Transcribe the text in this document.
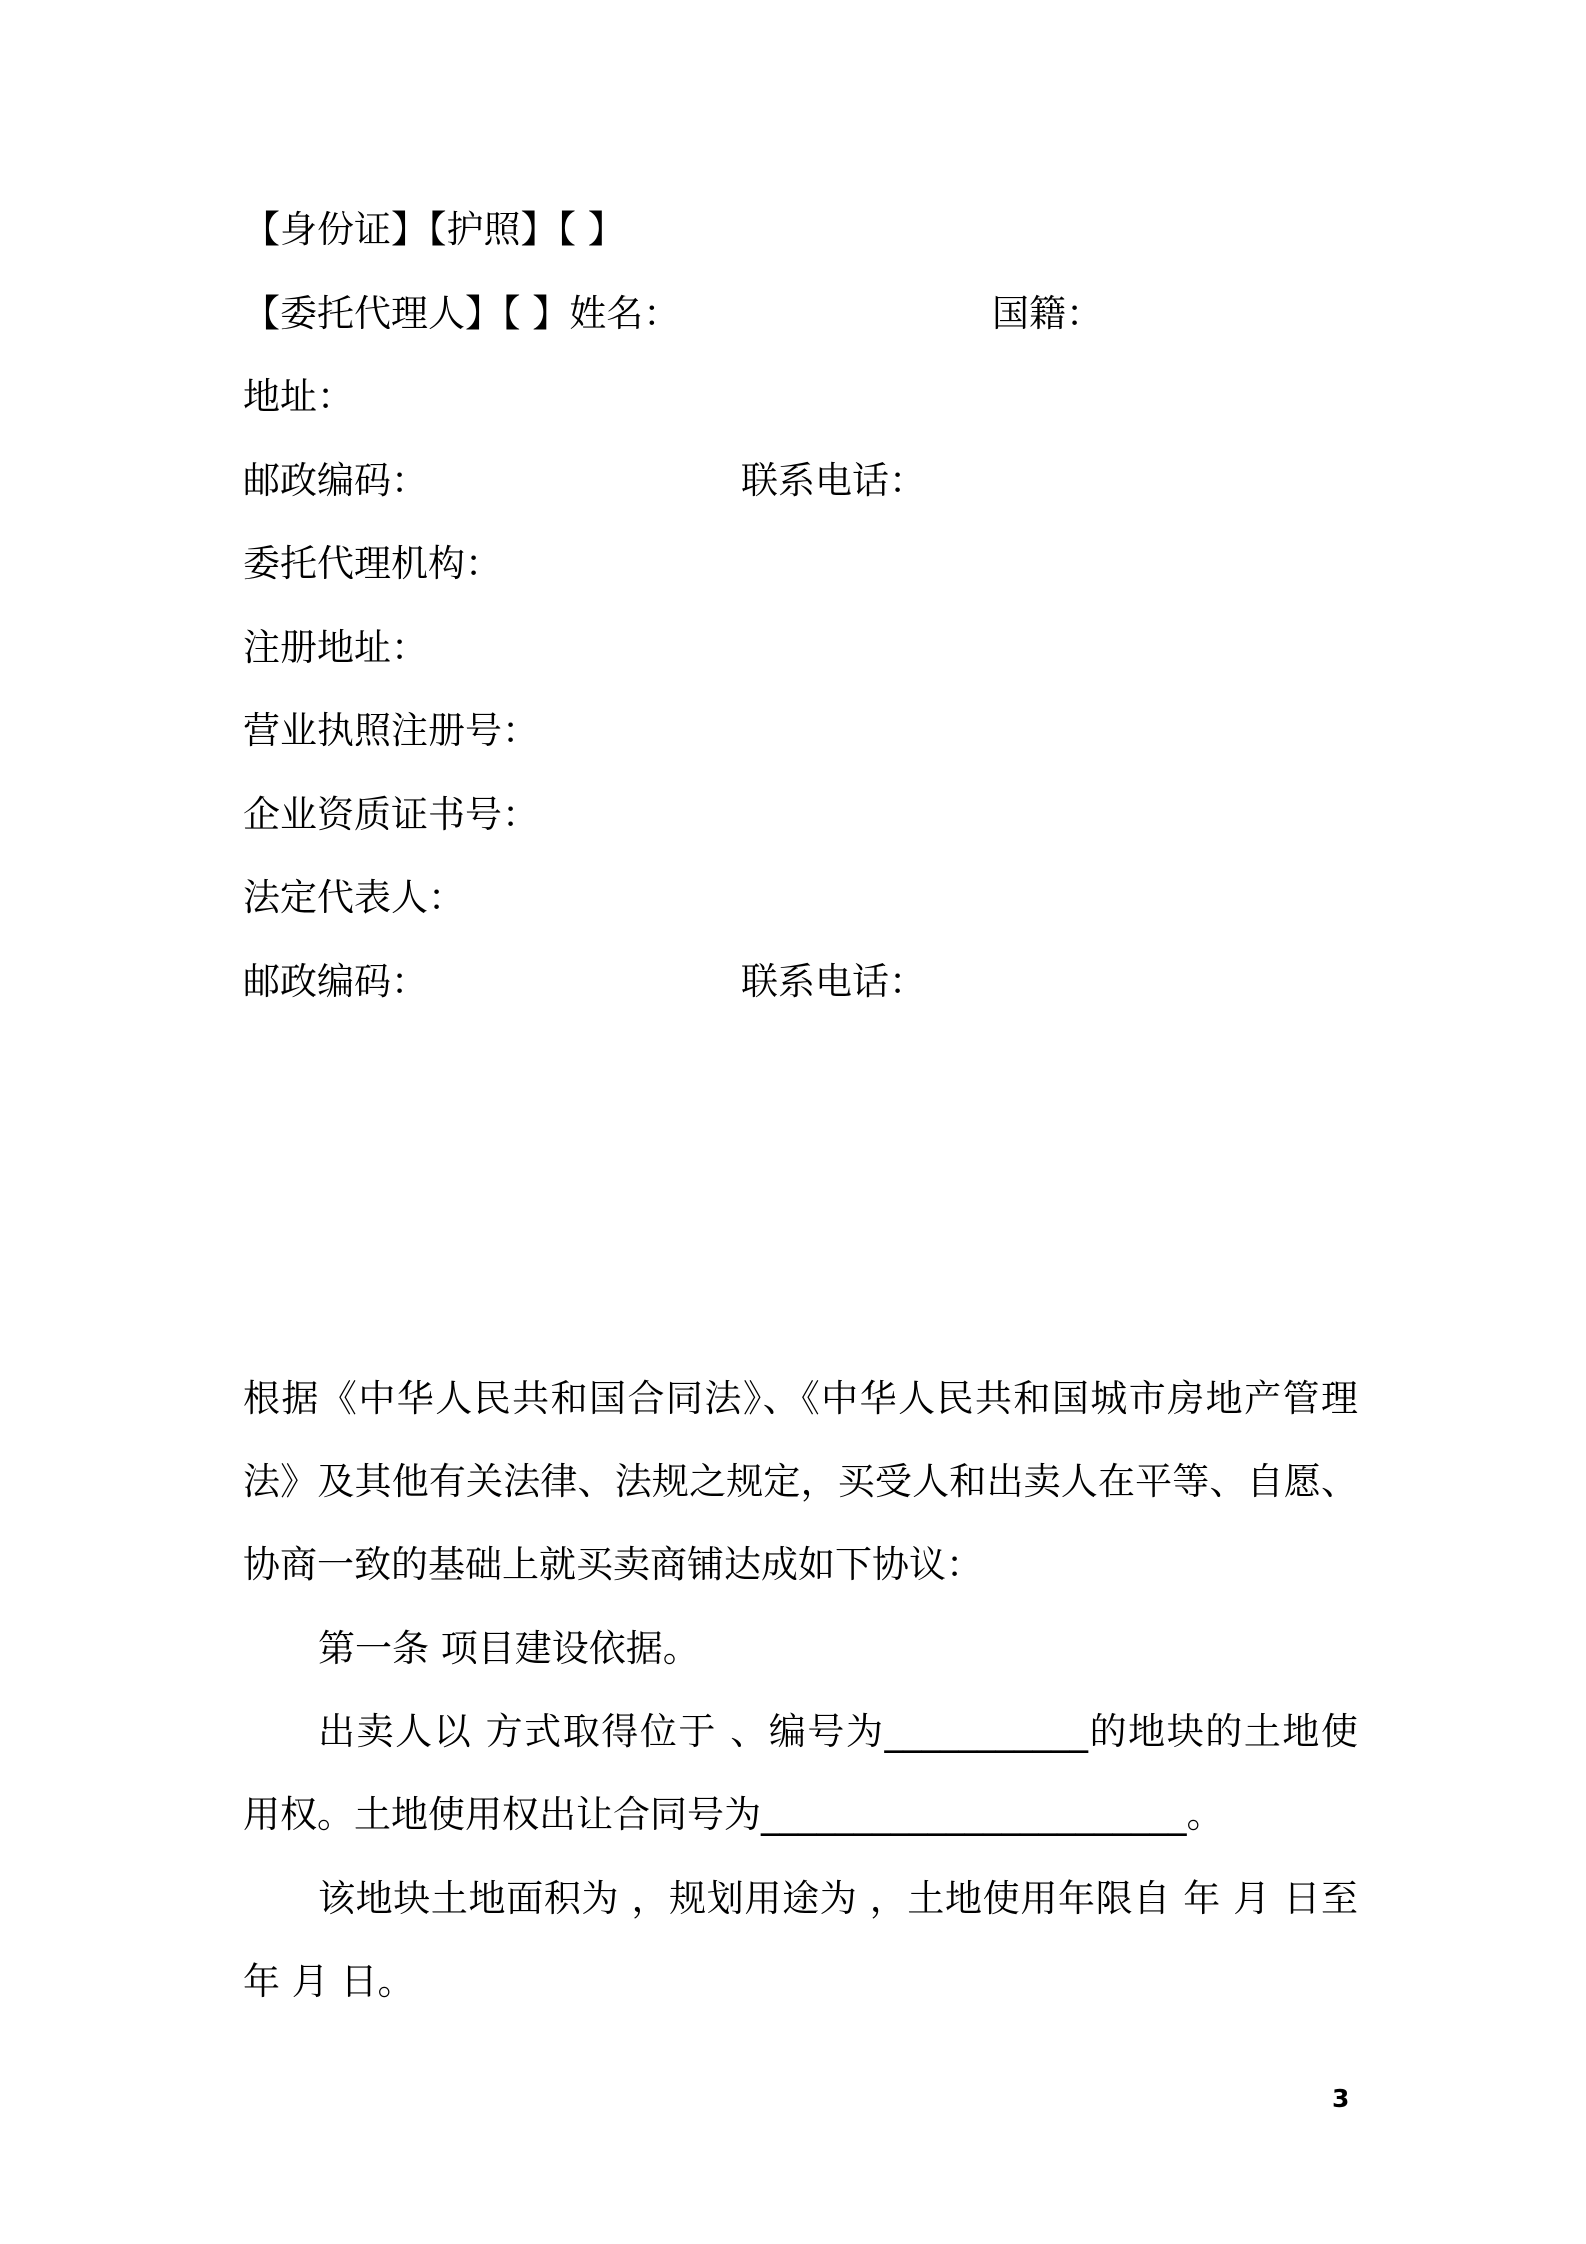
【身份证】【护照】【 】
【委托代理人】【 】姓名：	国籍：
地址：
邮政编码：	联系电话：
委托代理机构：
注册地址：
营业执照注册号：
企业资质证书号：
法定代表人：
邮政编码：	联系电话：
根据《中华人民共和国合同法》、《中华人民共和国城市房地产管理法》及其他有关法律、法规之规定，买受人和出卖人在平等、自愿、协商一致的基础上就买卖商铺达成如下协议：
第一条 项目建设依据。
出卖人以 方式取得位于 、编号为___________的地块的土地使用权。土地使用权出让合同号为_______________________。
该地块土地面积为 ，规划用途为 ，土地使用年限自 年 月 日至 年 月 日。
3
